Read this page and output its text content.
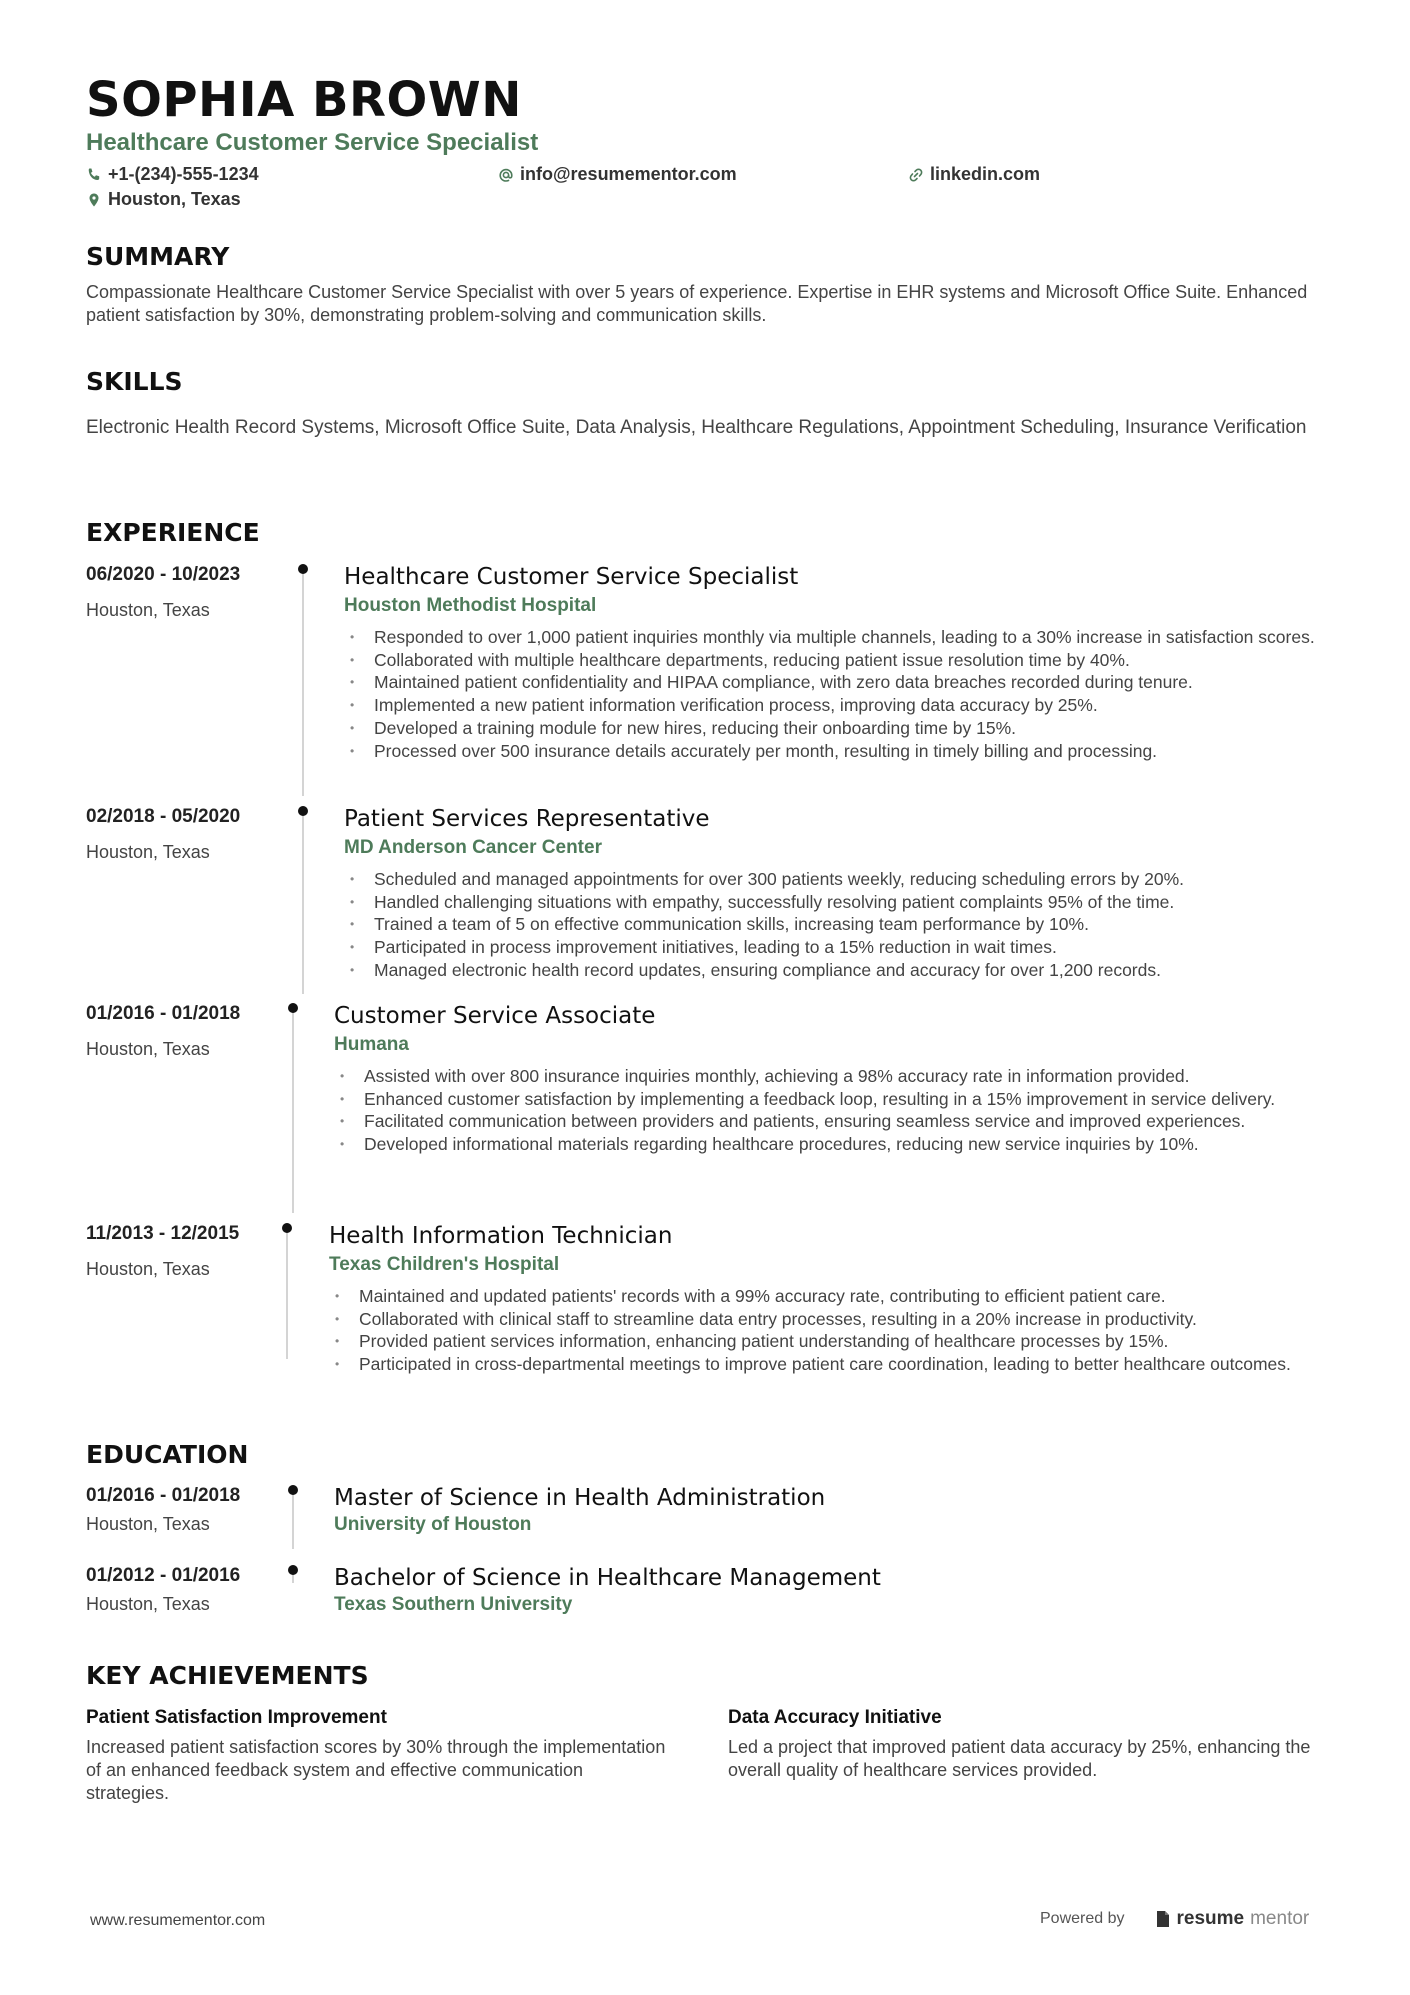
SOPHIA BROWN
Healthcare Customer Service Specialist
+1-(234)-555-1234	info@resumementor.com	linkedin.com
Houston, Texas
SUMMARY
Compassionate Healthcare Customer Service Specialist with over 5 years of experience. Expertise in EHR systems and Microsoft Office Suite. Enhanced patient satisfaction by 30%, demonstrating problem-solving and communication skills.
SKILLS
Electronic Health Record Systems, Microsoft Office Suite, Data Analysis, Healthcare Regulations, Appointment Scheduling, Insurance Verification
EXPERIENCE
06/2020 - 10/2023
Houston, Texas
Healthcare Customer Service Specialist
Houston Methodist Hospital
• Responded to over 1,000 patient inquiries monthly via multiple channels, leading to a 30% increase in satisfaction scores.
• Collaborated with multiple healthcare departments, reducing patient issue resolution time by 40%.
• Maintained patient confidentiality and HIPAA compliance, with zero data breaches recorded during tenure.
• Implemented a new patient information verification process, improving data accuracy by 25%.
• Developed a training module for new hires, reducing their onboarding time by 15%.
• Processed over 500 insurance details accurately per month, resulting in timely billing and processing.
02/2018 - 05/2020
Houston, Texas
Patient Services Representative
MD Anderson Cancer Center
• Scheduled and managed appointments for over 300 patients weekly, reducing scheduling errors by 20%.
• Handled challenging situations with empathy, successfully resolving patient complaints 95% of the time.
• Trained a team of 5 on effective communication skills, increasing team performance by 10%.
• Participated in process improvement initiatives, leading to a 15% reduction in wait times.
• Managed electronic health record updates, ensuring compliance and accuracy for over 1,200 records.
01/2016 - 01/2018
Houston, Texas
Customer Service Associate
Humana
• Assisted with over 800 insurance inquiries monthly, achieving a 98% accuracy rate in information provided.
• Enhanced customer satisfaction by implementing a feedback loop, resulting in a 15% improvement in service delivery.
• Facilitated communication between providers and patients, ensuring seamless service and improved experiences.
• Developed informational materials regarding healthcare procedures, reducing new service inquiries by 10%.
11/2013 - 12/2015
Houston, Texas
Health Information Technician
Texas Children's Hospital
• Maintained and updated patients' records with a 99% accuracy rate, contributing to efficient patient care.
• Collaborated with clinical staff to streamline data entry processes, resulting in a 20% increase in productivity.
• Provided patient services information, enhancing patient understanding of healthcare processes by 15%.
• Participated in cross-departmental meetings to improve patient care coordination, leading to better healthcare outcomes.
EDUCATION
01/2016 - 01/2018
Houston, Texas
Master of Science in Health Administration
University of Houston
01/2012 - 01/2016
Houston, Texas
Bachelor of Science in Healthcare Management
Texas Southern University
KEY ACHIEVEMENTS
Patient Satisfaction Improvement
Increased patient satisfaction scores by 30% through the implementation of an enhanced feedback system and effective communication strategies.
Data Accuracy Initiative
Led a project that improved patient data accuracy by 25%, enhancing the overall quality of healthcare services provided.
www.resumementor.com	Powered by	resume mentor
